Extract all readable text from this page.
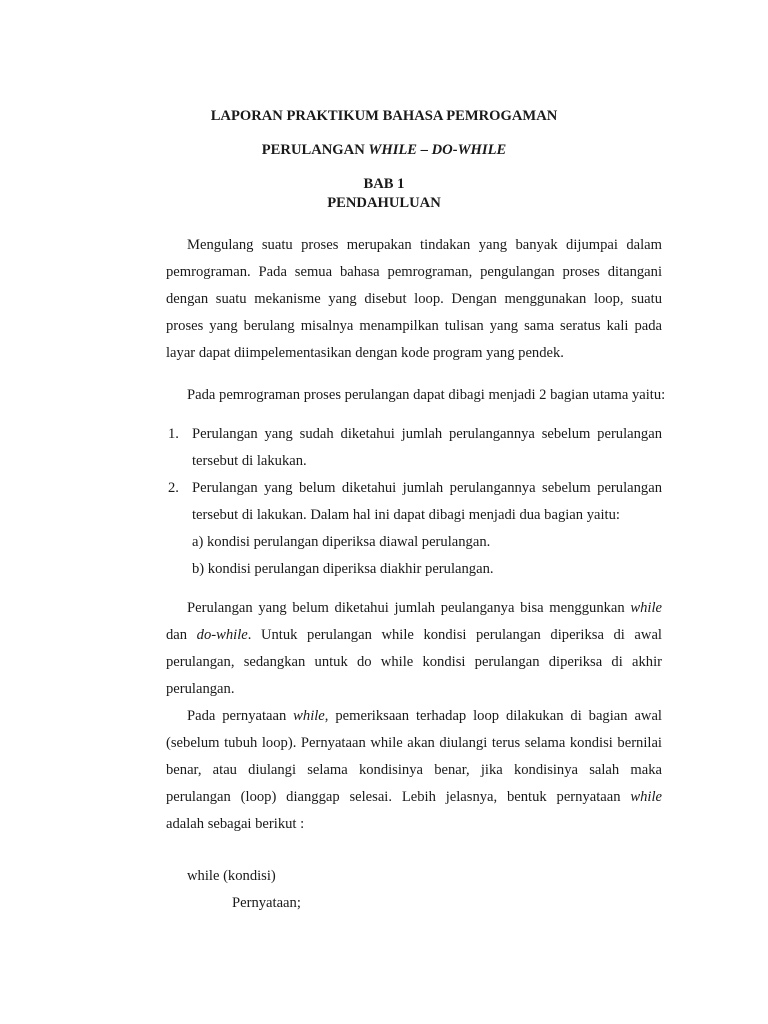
LAPORAN PRAKTIKUM BAHASA PEMROGAMAN
PERULANGAN WHILE – DO-WHILE
BAB 1
PENDAHULUAN
Mengulang suatu proses merupakan tindakan yang banyak dijumpai dalam
pemrograman. Pada semua bahasa pemrograman, pengulangan proses ditangani
dengan suatu mekanisme yang disebut loop. Dengan menggunakan loop, suatu
proses yang berulang misalnya menampilkan tulisan yang sama seratus kali pada
layar dapat diimpelementasikan dengan kode program yang pendek.
Pada pemrograman proses perulangan dapat dibagi menjadi 2 bagian utama yaitu:
1. Perulangan yang sudah diketahui jumlah perulangannya sebelum perulangan
tersebut di lakukan.
2. Perulangan yang belum diketahui jumlah perulangannya sebelum perulangan
tersebut di lakukan. Dalam hal ini dapat dibagi menjadi dua bagian yaitu:
a) kondisi perulangan diperiksa diawal perulangan.
b) kondisi perulangan diperiksa diakhir perulangan.
Perulangan yang belum diketahui jumlah peulanganya bisa menggunkan while
dan do-while. Untuk perulangan while kondisi perulangan diperiksa di awal
perulangan, sedangkan untuk do while kondisi perulangan diperiksa di akhir
perulangan.
Pada pernyataan while, pemeriksaan terhadap loop dilakukan di bagian awal
(sebelum tubuh loop). Pernyataan while akan diulangi terus selama kondisi bernilai
benar, atau diulangi selama kondisinya benar, jika kondisinya salah maka
perulangan (loop) dianggap selesai. Lebih jelasnya, bentuk pernyataan while
adalah sebagai berikut :
while (kondisi)
Pernyataan;
